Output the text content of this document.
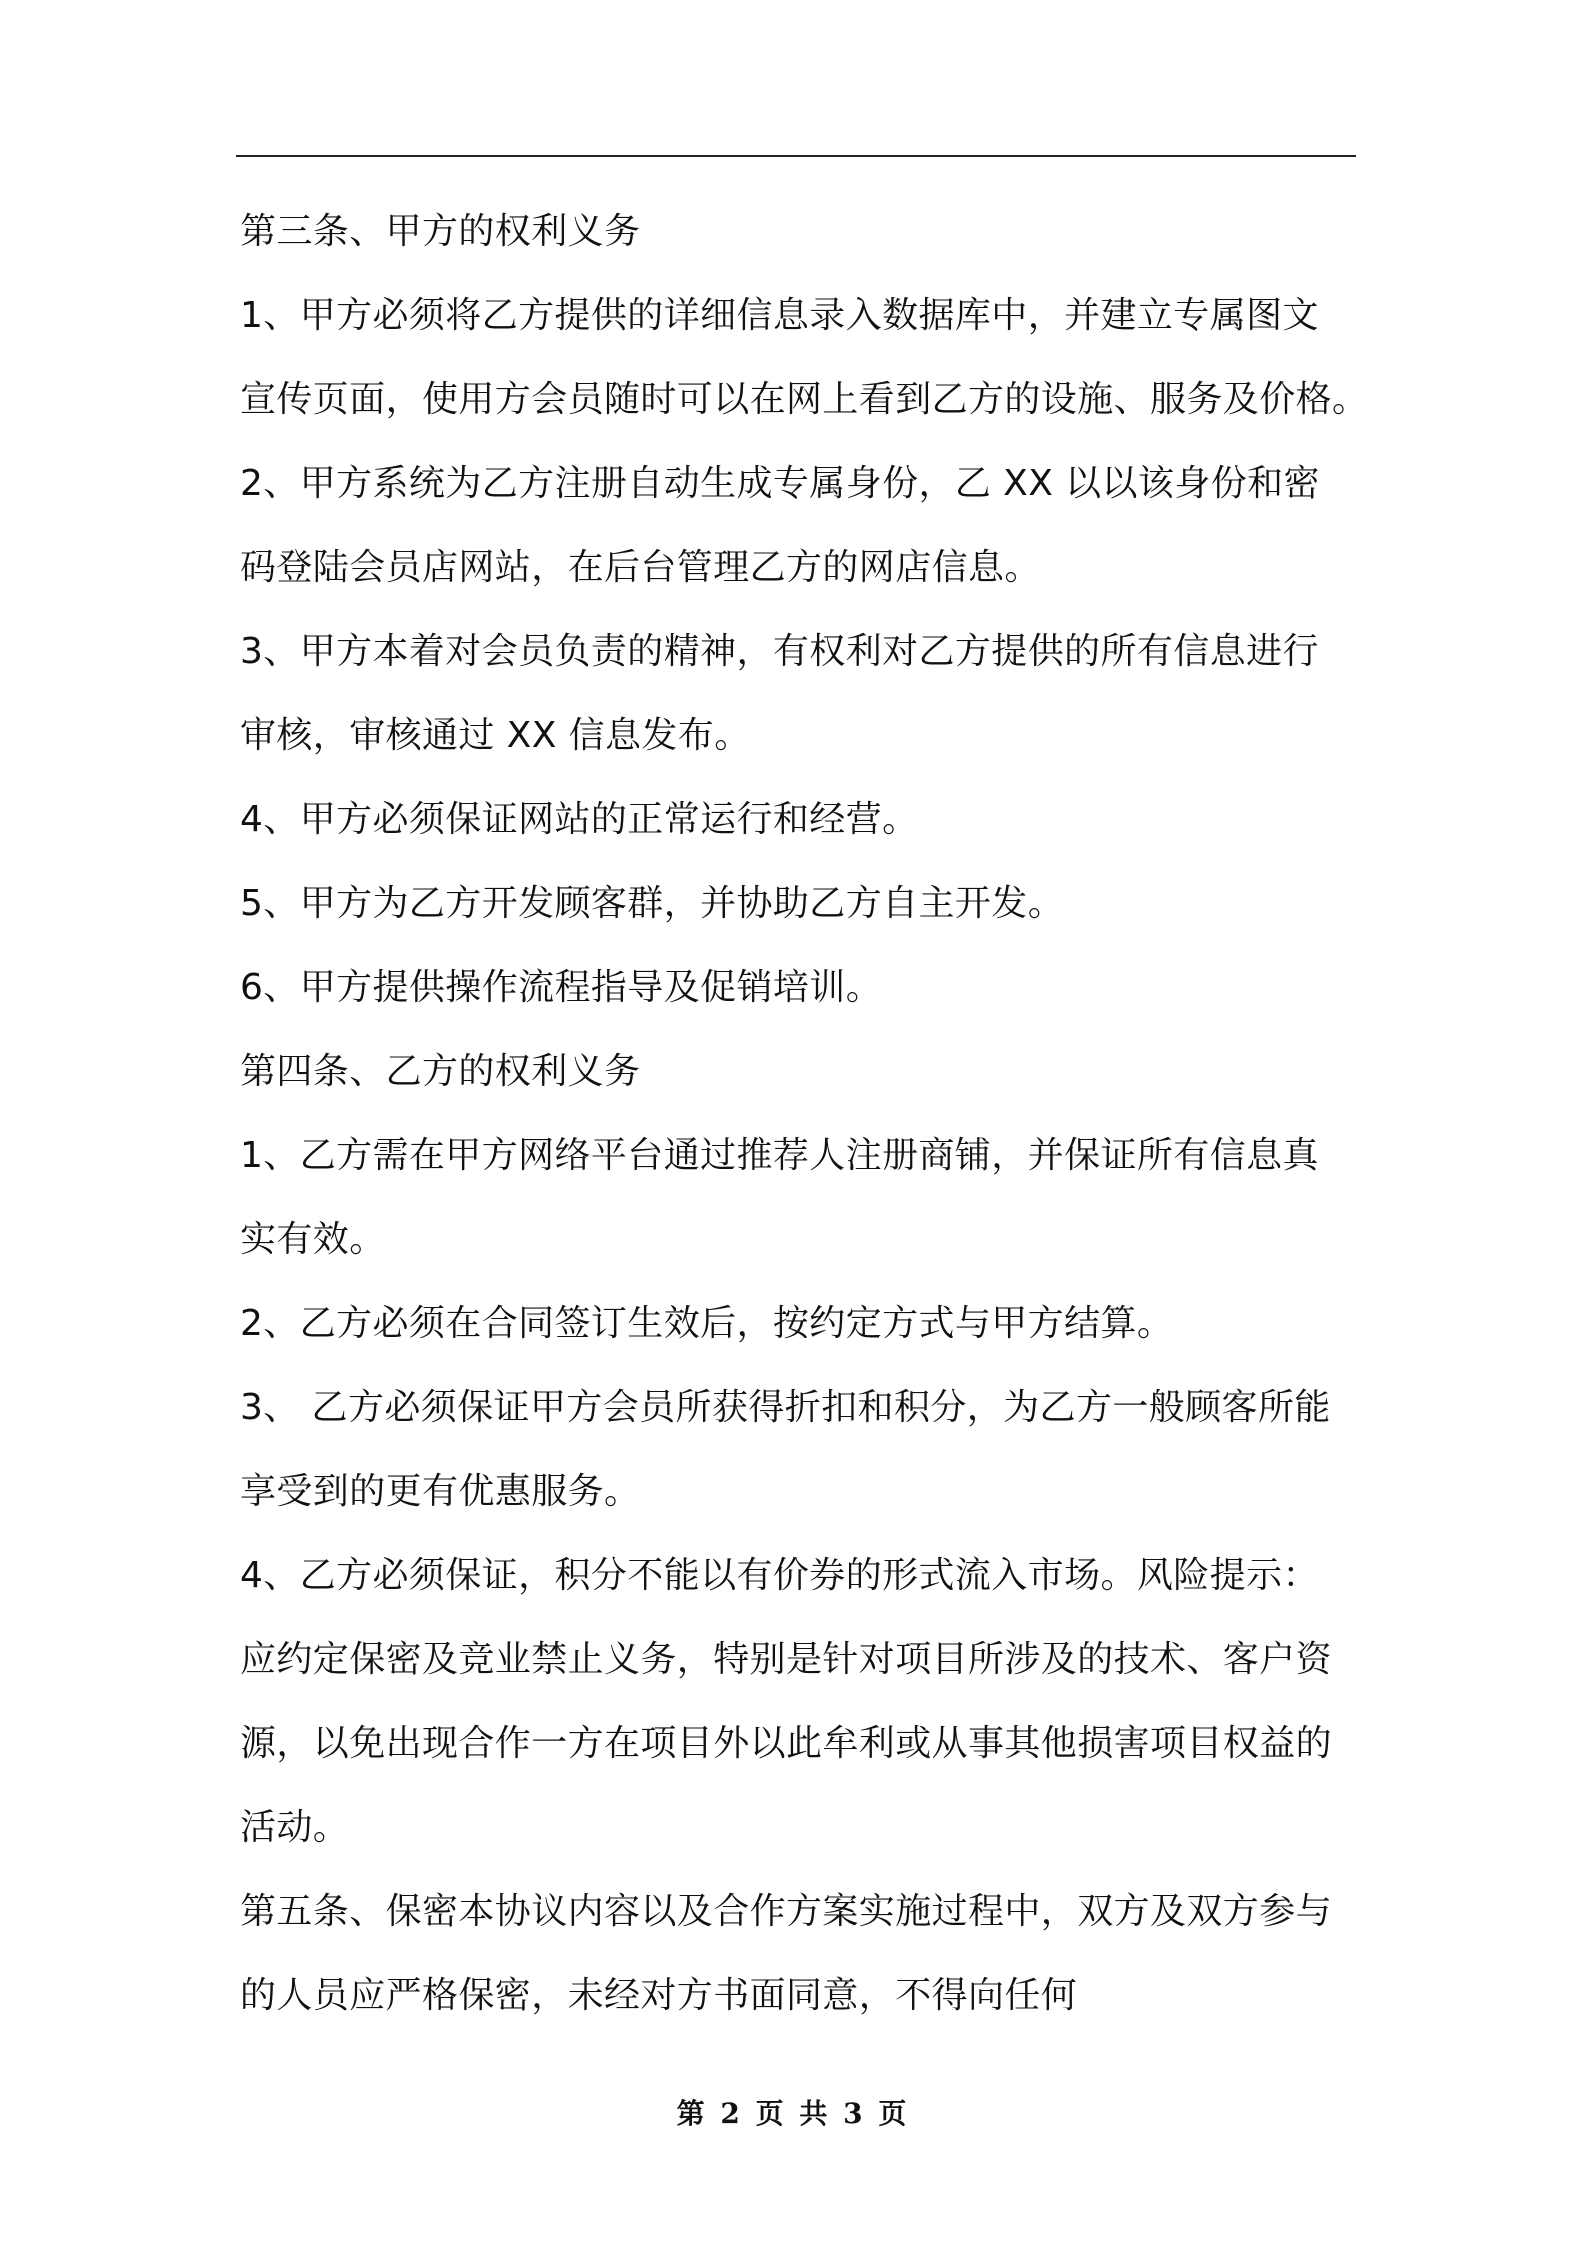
第三条、甲方的权利义务
1、甲方必须将乙方提供的详细信息录入数据库中，并建立专属图文
宣传页面，使用方会员随时可以在网上看到乙方的设施、服务及价格。
2、甲方系统为乙方注册自动生成专属身份，乙 XX 以以该身份和密
码登陆会员店网站，在后台管理乙方的网店信息。
3、甲方本着对会员负责的精神，有权利对乙方提供的所有信息进行
审核，审核通过 XX 信息发布。
4、甲方必须保证网站的正常运行和经营。
5、甲方为乙方开发顾客群，并协助乙方自主开发。
6、甲方提供操作流程指导及促销培训。
第四条、乙方的权利义务
1、乙方需在甲方网络平台通过推荐人注册商铺，并保证所有信息真
实有效。
2、乙方必须在合同签订生效后，按约定方式与甲方结算。
3、 乙方必须保证甲方会员所获得折扣和积分，为乙方一般顾客所能
享受到的更有优惠服务。
4、乙方必须保证，积分不能以有价券的形式流入市场。风险提示：
应约定保密及竞业禁止义务，特别是针对项目所涉及的技术、客户资
源，以免出现合作一方在项目外以此牟利或从事其他损害项目权益的
活动。
第五条、保密本协议内容以及合作方案实施过程中，双方及双方参与
的人员应严格保密，未经对方书面同意，不得向任何
第 2 页 共 3 页
